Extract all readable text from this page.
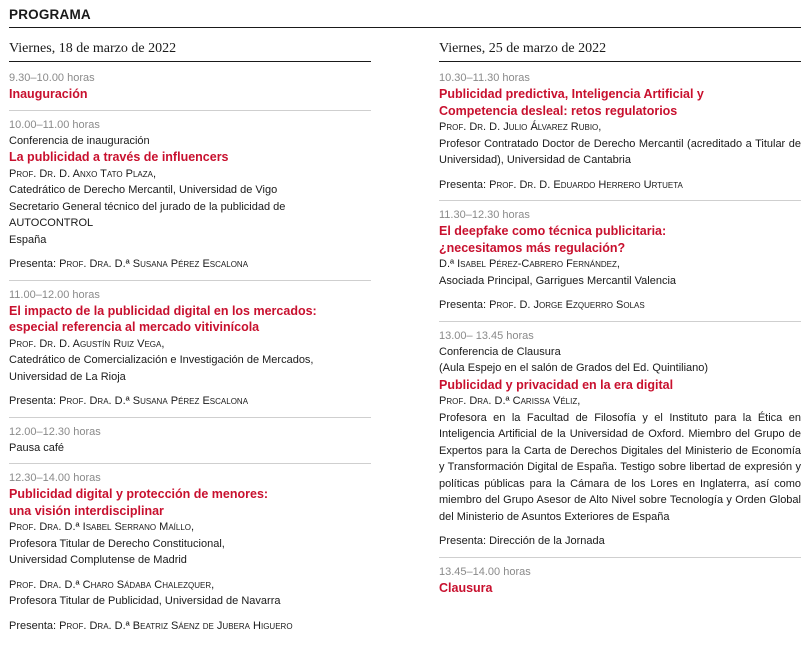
PROGRAMA
Viernes, 18 de marzo de 2022
9.30–10.00 horas
Inauguración
10.00–11.00 horas
Conferencia de inauguración
La publicidad a través de influencers
Prof. Dr. D. Anxo Tato Plaza,
Catedrático de Derecho Mercantil, Universidad de Vigo
Secretario General técnico del jurado de la publicidad de AUTOCONTROL
España
Presenta: Prof. Dra. D.ª Susana Pérez Escalona
11.00–12.00 horas
El impacto de la publicidad digital en los mercados:
especial referencia al mercado vitivinícola
Prof. Dr. D. Agustín Ruiz Vega,
Catedrático de Comercialización e Investigación de Mercados,
Universidad de La Rioja
Presenta: Prof. Dra. D.ª Susana Pérez Escalona
12.00–12.30 horas
Pausa café
12.30–14.00 horas
Publicidad digital y protección de menores:
una visión interdisciplinar
Prof. Dra. D.ª Isabel Serrano Maíllo,
Profesora Titular de Derecho Constitucional,
Universidad Complutense de Madrid
Prof. Dra. D.ª Charo Sádaba Chalezquer,
Profesora Titular de Publicidad, Universidad de Navarra
Presenta: Prof. Dra. D.ª Beatriz Sáenz de Jubera Higuero
Viernes, 25 de marzo de 2022
10.30–11.30 horas
Publicidad predictiva, Inteligencia Artificial y
Competencia desleal: retos regulatorios
Prof. Dr. D. Julio Álvarez Rubio,
Profesor Contratado Doctor de Derecho Mercantil (acreditado a Titular de Universidad), Universidad de Cantabria
Presenta: Prof. Dr. D. Eduardo Herrero Urtueta
11.30–12.30 horas
El deepfake como técnica publicitaria:
¿necesitamos más regulación?
D.ª Isabel Pérez-Cabrero Fernández,
Asociada Principal, Garrigues Mercantil Valencia
Presenta: Prof. D. Jorge Ezquerro Solas
13.00– 13.45 horas
Conferencia de Clausura
(Aula Espejo en el salón de Grados del Ed. Quintiliano)
Publicidad y privacidad en la era digital
Prof. Dra. D.ª Carissa Véliz,
Profesora en la Facultad de Filosofía y el Instituto para la Ética en Inteligencia Artificial de la Universidad de Oxford. Miembro del Grupo de Expertos para la Carta de Derechos Digitales del Ministerio de Economía y Transformación Digital de España. Testigo sobre libertad de expresión y políticas públicas para la Cámara de los Lores en Inglaterra, así como miembro del Grupo Asesor de Alto Nivel sobre Tecnología y Orden Global del Ministerio de Asuntos Exteriores de España
Presenta: Dirección de la Jornada
13.45–14.00 horas
Clausura
